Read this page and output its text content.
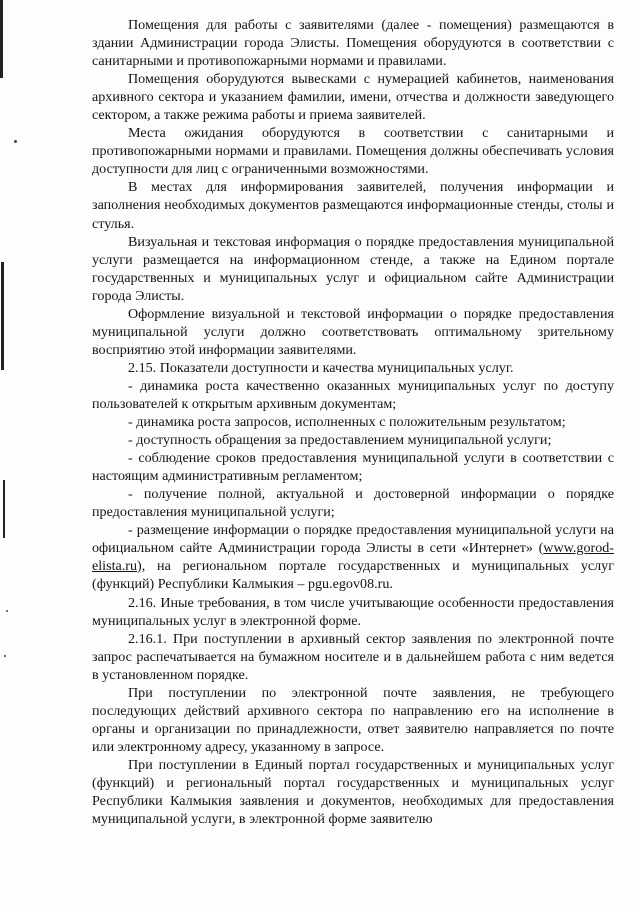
Помещения для работы с заявителями (далее - помещения) размещаются в здании Администрации города Элисты. Помещения оборудуются в соответствии с санитарными и противопожарными нормами и правилами.

Помещения оборудуются вывесками с нумерацией кабинетов, наименования архивного сектора и указанием фамилии, имени, отчества и должности заведующего сектором, а также режима работы и приема заявителей.

Места ожидания оборудуются в соответствии с санитарными и противопожарными нормами и правилами. Помещения должны обеспечивать условия доступности для лиц с ограниченными возможностями.

В местах для информирования заявителей, получения информации и заполнения необходимых документов размещаются информационные стенды, столы и стулья.

Визуальная и текстовая информация о порядке предоставления муниципальной услуги размещается на информационном стенде, а также на Едином портале государственных и муниципальных услуг и официальном сайте Администрации города Элисты.

Оформление визуальной и текстовой информации о порядке предоставления муниципальной услуги должно соответствовать оптимальному зрительному восприятию этой информации заявителями.

2.15. Показатели доступности и качества муниципальных услуг.

- динамика роста качественно оказанных муниципальных услуг по доступу пользователей к открытым архивным документам;

- динамика роста запросов, исполненных с положительным результатом;

- доступность обращения за предоставлением муниципальной услуги;

- соблюдение сроков предоставления муниципальной услуги в соответствии с настоящим административным регламентом;

- получение полной, актуальной и достоверной информации о порядке предоставления муниципальной услуги;

- размещение информации о порядке предоставления муниципальной услуги на официальном сайте Администрации города Элисты в сети «Интернет» (www.gorod-elista.ru), на региональном портале государственных и муниципальных услуг (функций) Республики Калмыкия – pgu.egov08.ru.

2.16. Иные требования, в том числе учитывающие особенности предоставления муниципальных услуг в электронной форме.

2.16.1. При поступлении в архивный сектор заявления по электронной почте запрос распечатывается на бумажном носителе и в дальнейшем работа с ним ведется в установленном порядке.

При поступлении по электронной почте заявления, не требующего последующих действий архивного сектора по направлению его на исполнение в органы и организации по принадлежности, ответ заявителю направляется по почте или электронному адресу, указанному в запросе.

При поступлении в Единый портал государственных и муниципальных услуг (функций) и региональный портал государственных и муниципальных услуг Республики Калмыкия заявления и документов, необходимых для предоставления муниципальной услуги, в электронной форме заявителю
